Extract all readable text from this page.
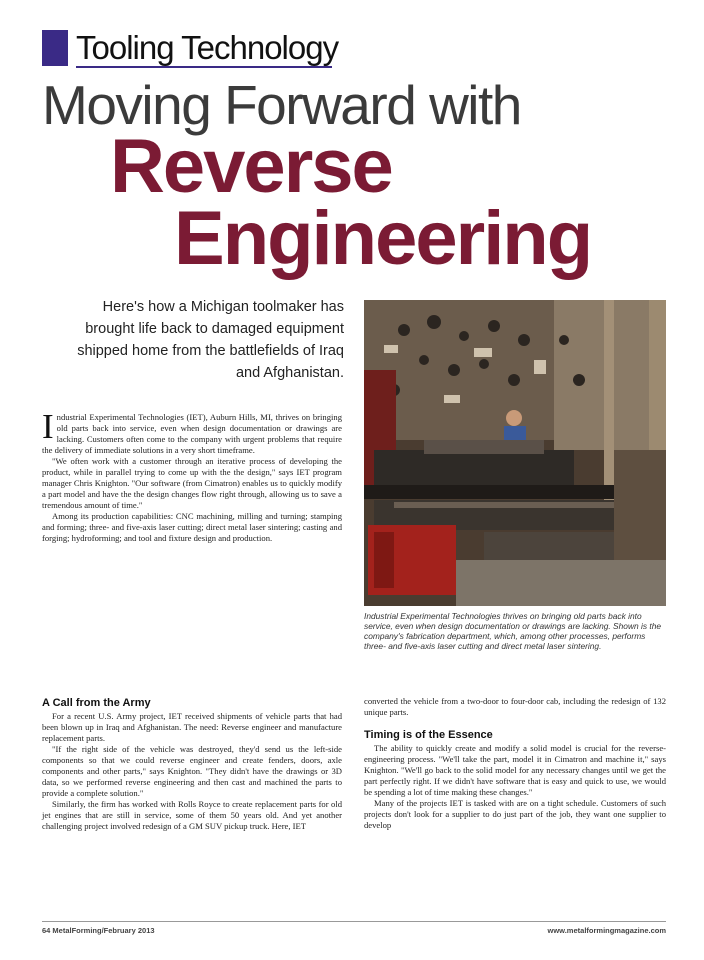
Tooling Technology
Moving Forward with
Reverse
Engineering
Here's how a Michigan toolmaker has brought life back to damaged equipment shipped home from the battlefields of Iraq and Afghanistan.
Industrial Experimental Technologies thrives on bringing old parts back into service, even when design documentation or drawings are lacking. Shown is the company's fabrication department, which, among other processes, performs three- and five-axis laser cutting and direct metal laser sintering.

Industrial Experimental Technologies (IET), Auburn Hills, MI, thrives on bringing old parts back into service, even when design documentation or drawings are lacking. Customers often come to the company with urgent problems that require the delivery of immediate solutions in a very short timeframe.

"We often work with a customer through an iterative process of developing the product, while in parallel trying to come up with the the design," says IET program manager Chris Knighton. "Our software (from Cimatron) enables us to quickly modify a part model and have the the design changes flow right through, allowing us to save a tremendous amount of time."

Among its production capabilities: CNC machining, milling and turning; stamping and forming; three- and five-axis laser cutting; direct metal laser sintering; casting and forging; hydroforming; and tool and fixture design and production.

A Call from the Army

For a recent U.S. Army project, IET received shipments of vehicle parts that had been blown up in Iraq and Afghanistan. The need: Reverse engineer and manufacture replacement parts.

"If the right side of the vehicle was destroyed, they'd send us the left-side components so that we could reverse engineer and create fenders, doors, axle components and other parts," says Knighton. "They didn't have the drawings or 3D data, so we performed reverse engineering and then cast and machined the parts to provide a complete solution."

Similarly, the firm has worked with Rolls Royce to create replacement parts for old jet engines that are still in service, some of them 50 years old. And yet another challenging project involved redesign of a GM SUV pickup truck. Here, IET

converted the vehicle from a two-door to four-door cab, including the redesign of 132 unique parts.

Timing is of the Essence

The ability to quickly create and modify a solid model is crucial for the reverse-engineering process. "We'll take the part, model it in Cimatron and machine it," says Knighton. "We'll go back to the solid model for any necessary changes until we get the part perfectly right. If we didn't have software that is easy and quick to use, we would be spending a lot of time making these changes."

Many of the projects IET is tasked with are on a tight schedule. Customers of such projects don't look for a supplier to do just part of the job, they want one supplier to develop

64 MetalForming/February 2013	www.metalformingmagazine.com
